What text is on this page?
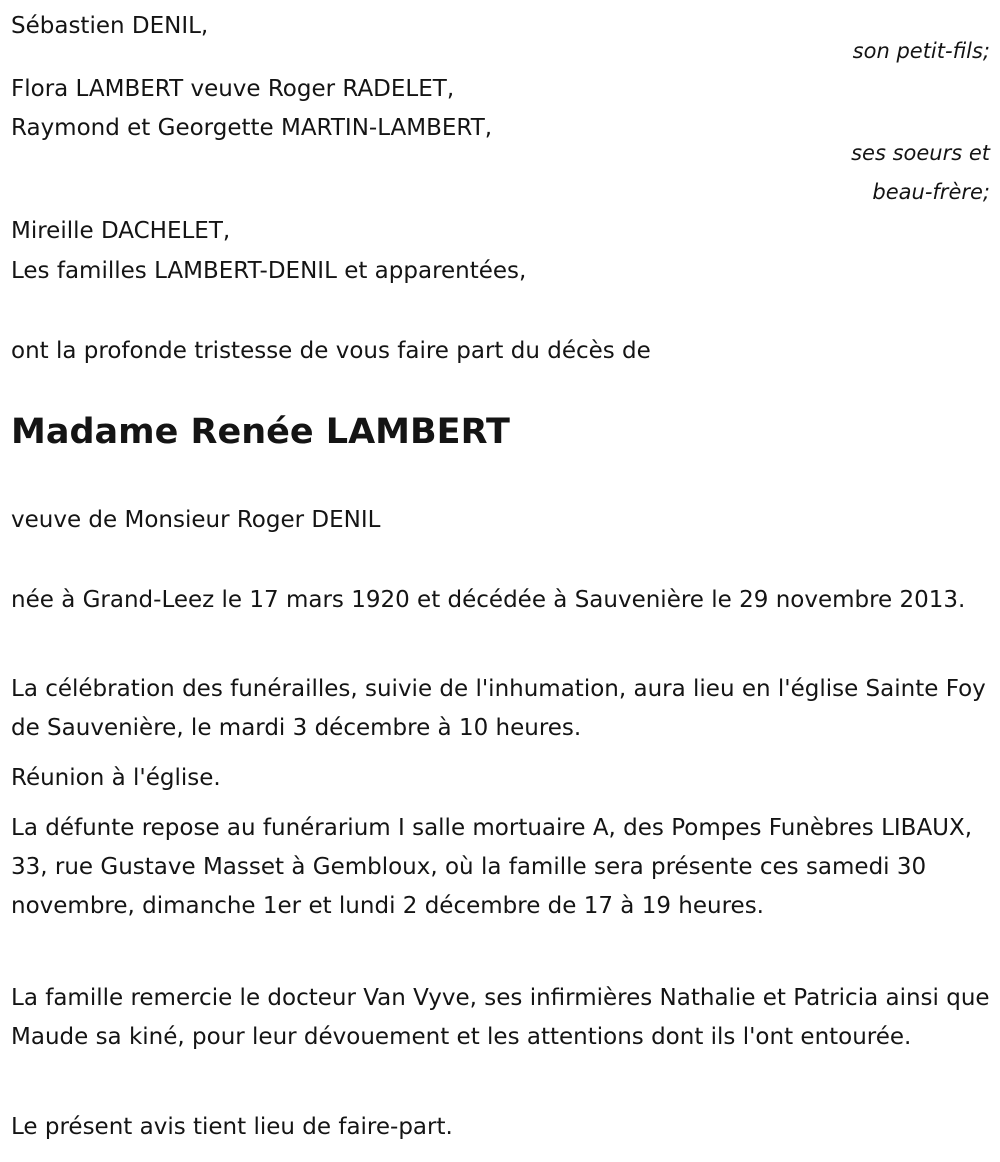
Sébastien DENIL,
son petit-fils;
Flora LAMBERT veuve Roger RADELET,
Raymond et Georgette MARTIN-LAMBERT,
ses soeurs et
beau-frère;
Mireille DACHELET,
Les familles LAMBERT-DENIL et apparentées,
ont la profonde tristesse de vous faire part du décès de
Madame Renée LAMBERT
veuve de Monsieur Roger DENIL
née à Grand-Leez le 17 mars 1920 et décédée à Sauvenière le 29 novembre 2013.
La célébration des funérailles, suivie de l'inhumation, aura lieu en l'église Sainte Foy de Sauvenière, le mardi 3 décembre à 10 heures.
Réunion à l'église.
La défunte repose au funérarium I salle mortuaire A, des Pompes Funèbres LIBAUX, 33, rue Gustave Masset à Gembloux, où la famille sera présente ces samedi 30 novembre, dimanche 1er et lundi 2 décembre de 17 à 19 heures.
La famille remercie le docteur Van Vyve, ses infirmières Nathalie et Patricia ainsi que Maude sa kiné, pour leur dévouement et les attentions dont ils l'ont entourée.
Le présent avis tient lieu de faire-part.
